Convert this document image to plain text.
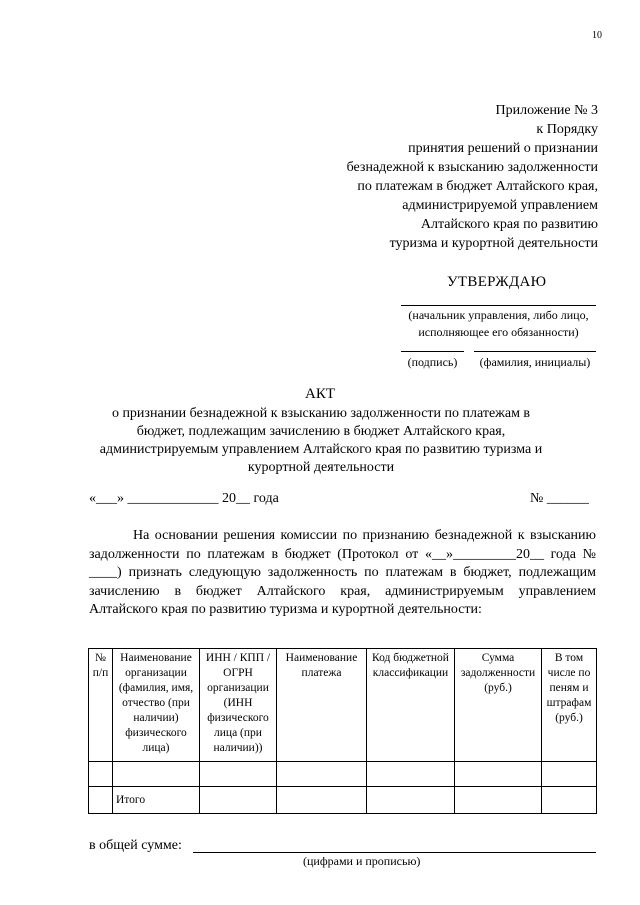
10
Приложение № 3
к Порядку
принятия решений о признании
безнадежной к взысканию задолженности
по платежам в бюджет Алтайского края,
администрируемой управлением
Алтайского края по развитию
туризма и курортной деятельности
УТВЕРЖДАЮ
(начальник управления, либо лицо,
исполняющее его обязанности)
(подпись)	(фамилия, инициалы)
АКТ
о признании безнадежной к взысканию задолженности по платежам в бюджет, подлежащим зачислению в бюджет Алтайского края, администрируемым управлением Алтайского края по развитию туризма и курортной деятельности
«___» _____________ 20__ года	№ ______

На основании решения комиссии по признанию безнадежной к взысканию задолженности по платежам в бюджет (Протокол от «__»_________20__ года № ____) признать следующую задолженность по платежам в бюджет, подлежащим зачислению в бюджет Алтайского края, администрируемым управлением Алтайского края по развитию туризма и курортной деятельности:

№ п/п	Наименование организации (фамилия, имя, отчество (при наличии) физического лица)	ИНН / КПП / ОГРН организации (ИНН физического лица (при наличии))	Наименование платежа	Код бюджетной классификации	Сумма задолженности (руб.)	В том числе по пеням и штрафам (руб.)

	Итого					
в общей сумме:
(цифрами и прописью)
